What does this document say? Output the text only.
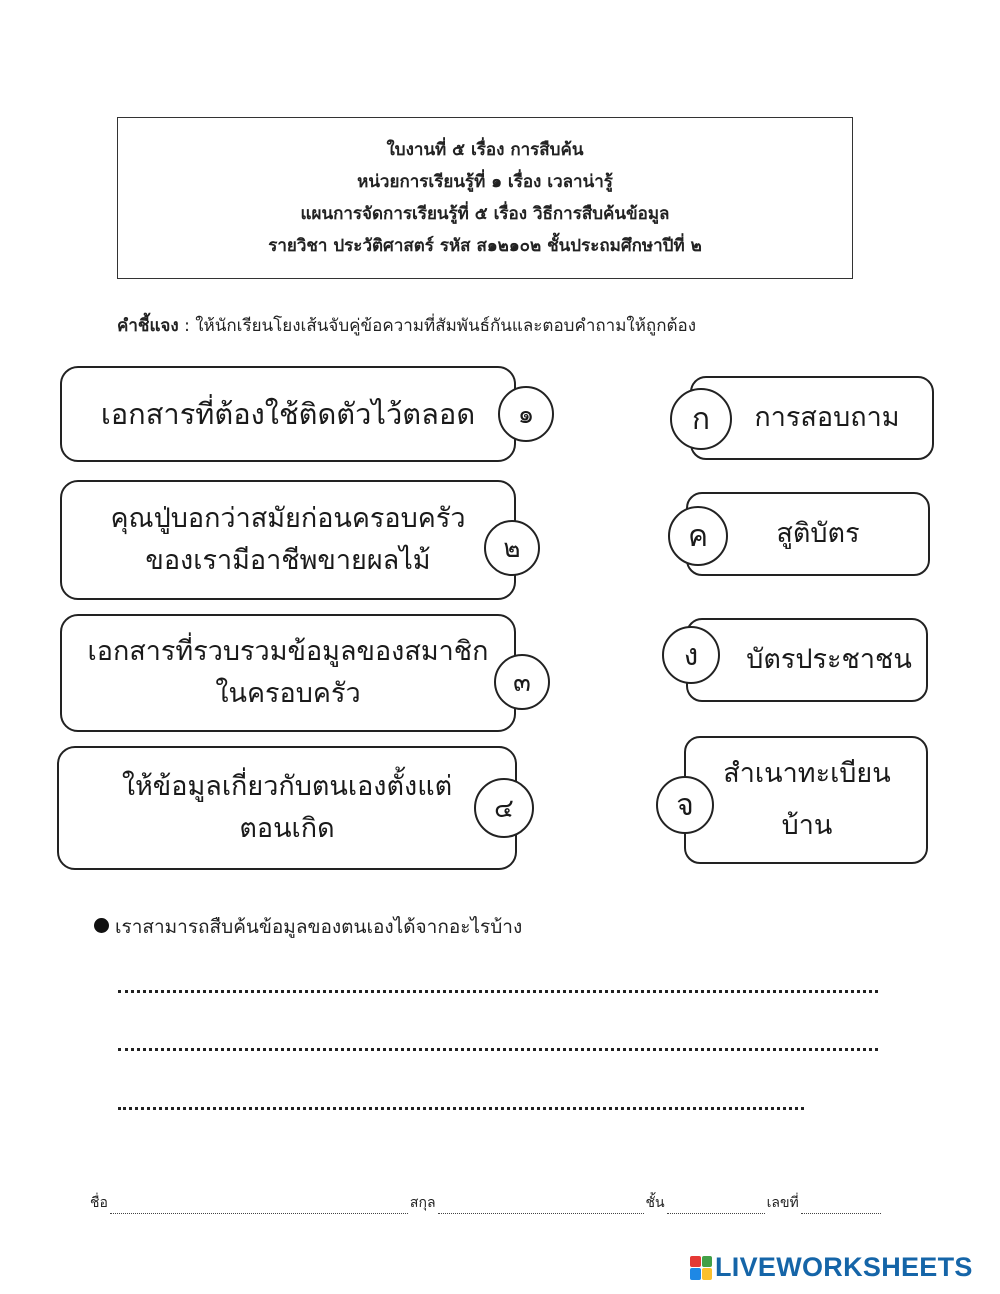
ใบงานที่ ๕ เรื่อง การสืบค้น
หน่วยการเรียนรู้ที่ ๑ เรื่อง เวลาน่ารู้
แผนการจัดการเรียนรู้ที่ ๕ เรื่อง วิธีการสืบค้นข้อมูล
รายวิชา ประวัติศาสตร์ รหัส ส๑๒๑๐๒ ชั้นประถมศึกษาปีที่ ๒
คำชี้แจง : ให้นักเรียนโยงเส้นจับคู่ข้อความที่สัมพันธ์กันและตอบคำถามให้ถูกต้อง
เอกสารที่ต้องใช้ติดตัวไว้ตลอด ๑
คุณปู่บอกว่าสมัยก่อนครอบครัว
ของเรามีอาชีพขายผลไม้	๒
เอกสารที่รวบรวมข้อมูลของสมาชิก
ในครอบครัว	๓
ให้ข้อมูลเกี่ยวกับตนเองตั้งแต่
ตอนเกิด
๔
การสอบถาม
ก
สูติบัตร
ค
บัตรประชาชน
ง
สำเนาทะเบียน
บ้าน
จ
เราสามารถสืบค้นข้อมูลของตนเองได้จากอะไรบ้าง
ชื่อ	สกุล	ชั้น	เลขที่
LIVEWORKSHEETS
